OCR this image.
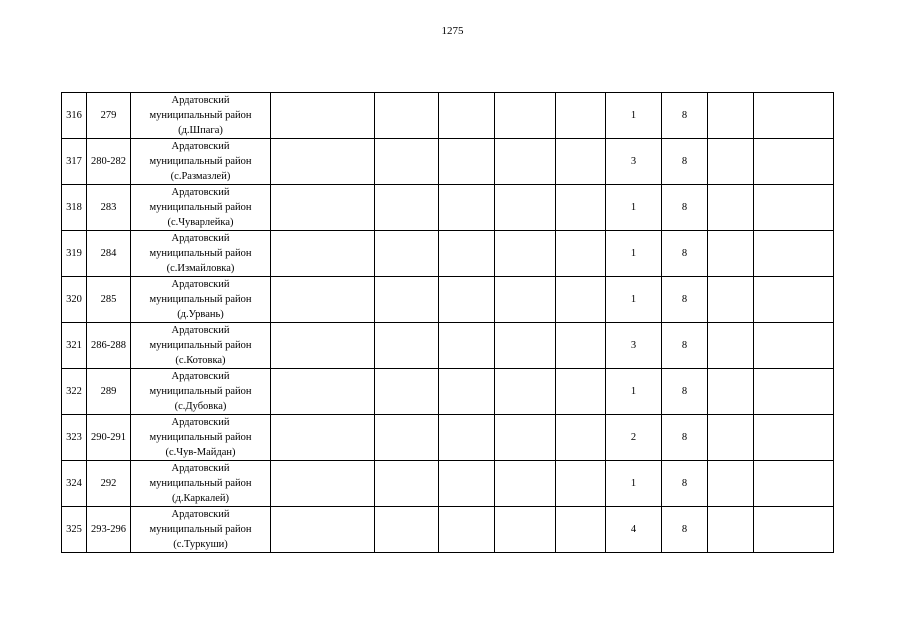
1275
316	279	Ардатовский
муниципальный район
(д.Шпага)						1	8		
317	280-282	Ардатовский
муниципальный район
(с.Размазлей)						3	8		
318	283	Ардатовский
муниципальный район
(с.Чуварлейка)						1	8		
319	284	Ардатовский
муниципальный район
(с.Измайловка)						1	8		
320	285	Ардатовский
муниципальный район
(д.Урвань)						1	8		
321	286-288	Ардатовский
муниципальный район
(с.Котовка)						3	8		
322	289	Ардатовский
муниципальный район
(с.Дубовка)						1	8		
323	290-291	Ардатовский
муниципальный район
(с.Чув-Майдан)						2	8		
324	292	Ардатовский
муниципальный район
(д.Каркалей)						1	8		
325	293-296	Ардатовский
муниципальный район
(с.Туркуши)						4	8		
